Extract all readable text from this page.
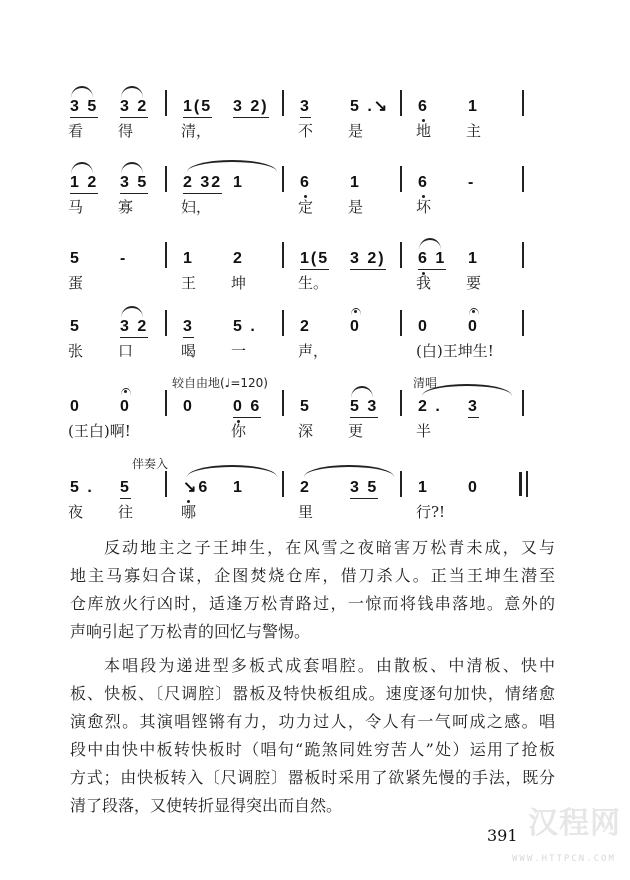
3 5 3 2
看 得
1(5 3 2)
清，
3 5 .↘
不 是
6 1
地 主
1 2 3 5
马 寡
2 32 1
妇，
6 1
定 是
6 -
坏
5 -
蛋
1 2
王 坤
1(5 3 2)
生。
6 1 1
我 要
5 3 2
张 口
3 5 .
喝 一
2 0
声，
0 0
(白)王坤生!
较自由地(♩=120)	清唱
0 0
(王白)啊!
0 0 6
你
5 5 3
深 更
2 . 3
半
伴奏入
5 . 5
夜 往
↘6 1
哪
2 3 5
里
1 0
行?!
反动地主之子王坤生，在风雪之夜暗害万松青未成，又与
地主马寡妇合谋，企图焚烧仓库，借刀杀人。正当王坤生潜至
仓库放火行凶时，适逢万松青路过，一惊而将钱串落地。意外的
声响引起了万松青的回忆与警惕。
本唱段为递进型多板式成套唱腔。由散板、中清板、快中
板、快板、〔尺调腔〕嚣板及特快板组成。速度逐句加快，情绪愈
演愈烈。其演唱铿锵有力，功力过人，令人有一气呵成之感。唱
段中由快中板转快板时（唱句“跪煞同姓穷苦人”处）运用了抢板
方式；由快板转入〔尺调腔〕嚣板时采用了欲紧先慢的手法，既分
清了段落，又使转折显得突出而自然。
391 汉程网
WWW.HTTPCN.COM
